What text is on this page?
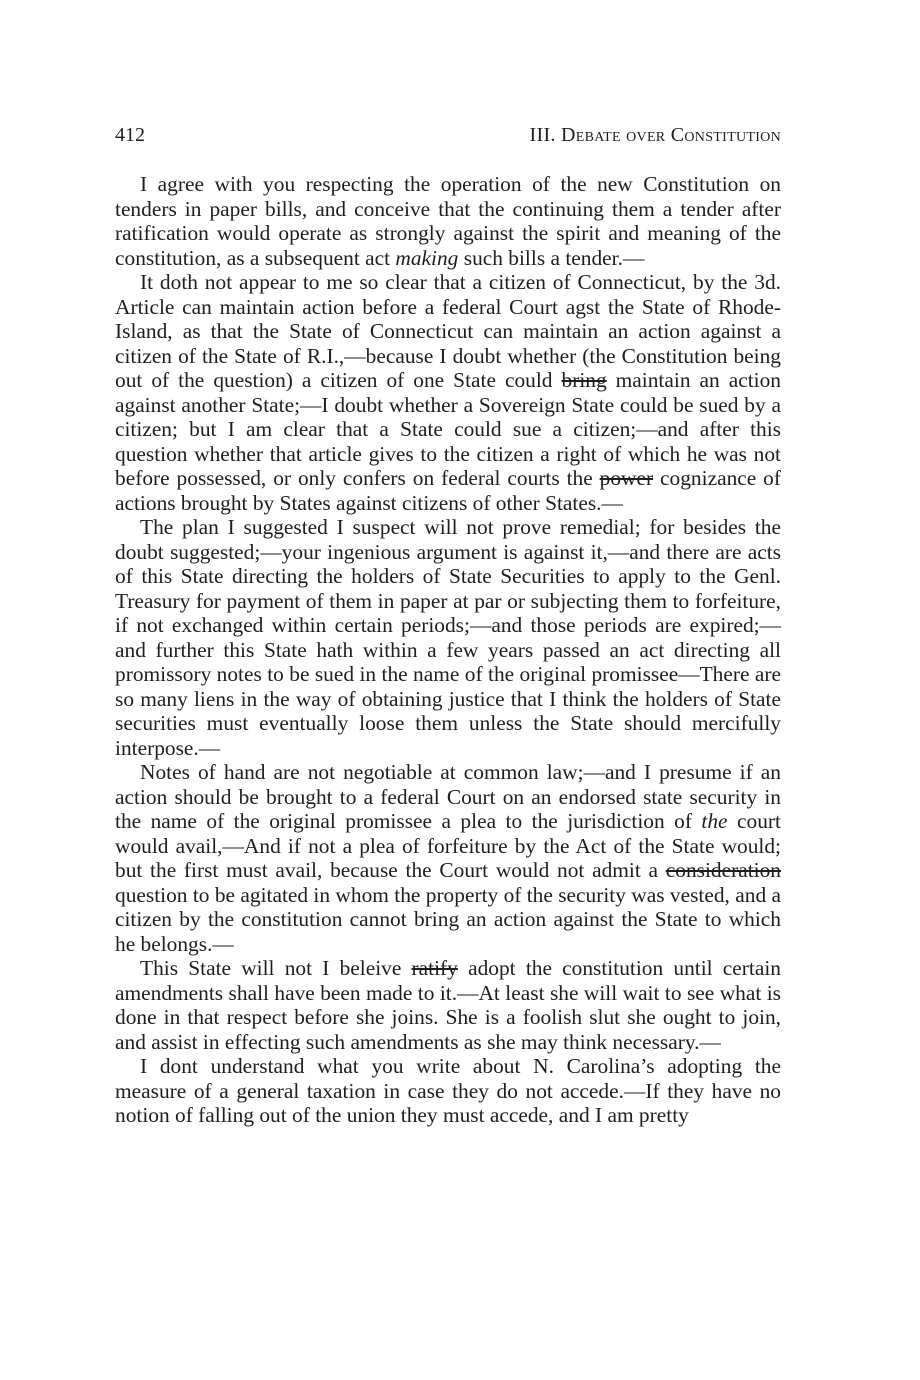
412	III. Debate over Constitution

I agree with you respecting the operation of the new Constitution on tenders in paper bills, and conceive that the continuing them a tender after ratification would operate as strongly against the spirit and meaning of the constitution, as a subsequent act making such bills a tender.—

It doth not appear to me so clear that a citizen of Connecticut, by the 3d. Article can maintain action before a federal Court agst the State of Rhode-Island, as that the State of Connecticut can maintain an action against a citizen of the State of R.I.,—because I doubt whether (the Constitution being out of the question) a citizen of one State could bring maintain an action against another State;—I doubt whether a Sovereign State could be sued by a citizen; but I am clear that a State could sue a citizen;—and after this question whether that article gives to the citizen a right of which he was not before possessed, or only confers on federal courts the power cognizance of actions brought by States against citizens of other States.—

The plan I suggested I suspect will not prove remedial; for besides the doubt suggested;—your ingenious argument is against it,—and there are acts of this State directing the holders of State Securities to apply to the Genl. Treasury for payment of them in paper at par or subjecting them to forfeiture, if not exchanged within certain periods;—and those periods are expired;—and further this State hath within a few years passed an act directing all promissory notes to be sued in the name of the original promissee—There are so many liens in the way of obtaining justice that I think the holders of State securities must eventually loose them unless the State should mercifully interpose.—

Notes of hand are not negotiable at common law;—and I presume if an action should be brought to a federal Court on an endorsed state security in the name of the original promissee a plea to the jurisdiction of the court would avail,—And if not a plea of forfeiture by the Act of the State would; but the first must avail, because the Court would not admit a consideration question to be agitated in whom the property of the security was vested, and a citizen by the constitution cannot bring an action against the State to which he belongs.—

This State will not I beleive ratify adopt the constitution until certain amendments shall have been made to it.—At least she will wait to see what is done in that respect before she joins. She is a foolish slut she ought to join, and assist in effecting such amendments as she may think necessary.—

I dont understand what you write about N. Carolina’s adopting the measure of a general taxation in case they do not accede.—If they have no notion of falling out of the union they must accede, and I am pretty
